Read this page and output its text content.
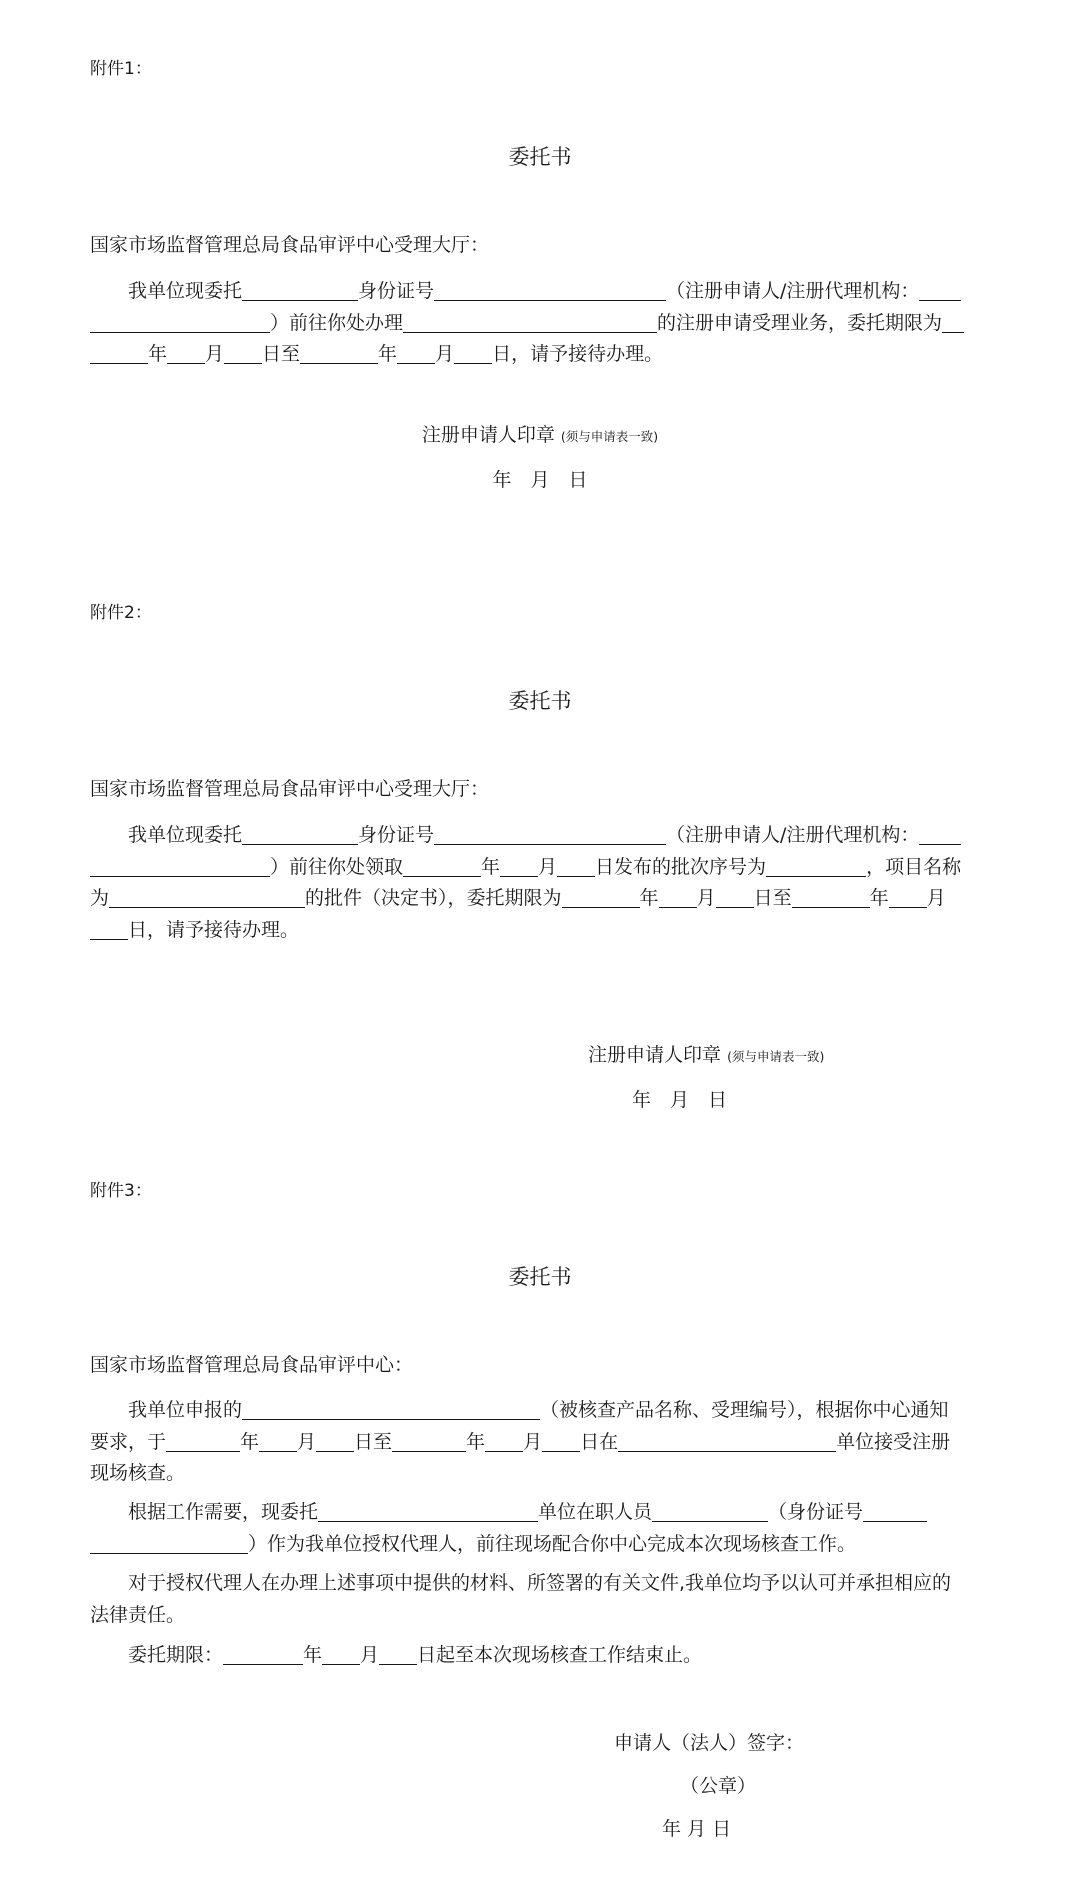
附件1：
委托书
国家市场监督管理总局食品审评中心受理大厅：
我单位现委托	身份证号	（注册申请人/注册代理机构：
）前往你处办理	的注册申请受理业务，委托期限为
年 月 日至	年 月 日，请予接待办理。
注册申请人印章 (须与申请表一致)
年　月　日
附件2：
委托书
国家市场监督管理总局食品审评中心受理大厅：
我单位现委托	身份证号	（注册申请人/注册代理机构：
）前往你处领取	年 月 日发布的批次序号为	，项目名称
为	的批件（决定书），委托期限为	年 月 日至	年 月
日，请予接待办理。
注册申请人印章 (须与申请表一致)
年　月　日
附件3：
委托书
国家市场监督管理总局食品审评中心：
我单位申报的	（被核查产品名称、受理编号），根据你中心通知
要求，于	年 月 日至	年 月 日在	单位接受注册
现场核查。
根据工作需要，现委托	单位在职人员	（身份证号
）作为我单位授权代理人，前往现场配合你中心完成本次现场核查工作。
对于授权代理人在办理上述事项中提供的材料、所签署的有关文件,我单位均予以认可并承担相应的
法律责任。
委托期限：	年 月 日起至本次现场核查工作结束止。
申请人（法人）签字：
（公章）
年 月 日
